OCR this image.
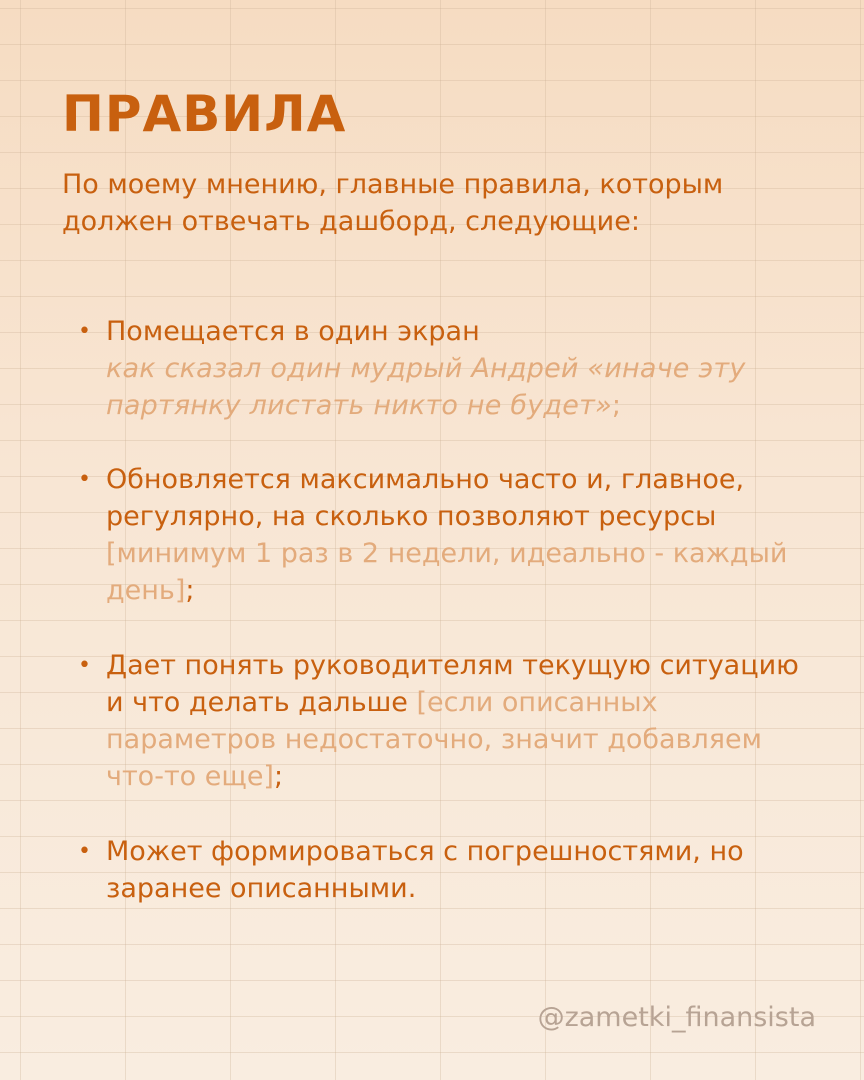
ПРАВИЛА

По моему мнению, главные правила, которым должен отвечать дашборд, следующие:

• Помещается в один экран
как сказал один мудрый Андрей «иначе эту партянку листать никто не будет»;
• Обновляется максимально часто и, главное, регулярно, на сколько позволяют ресурсы [минимум 1 раз в 2 недели, идеально - каждый день];
• Дает понять руководителям текущую ситуацию и что делать дальше [если описанных параметров недостаточно, значит добавляем что-то еще];
• Может формироваться с погрешностями, но заранее описанными.

@zametki_finansista
